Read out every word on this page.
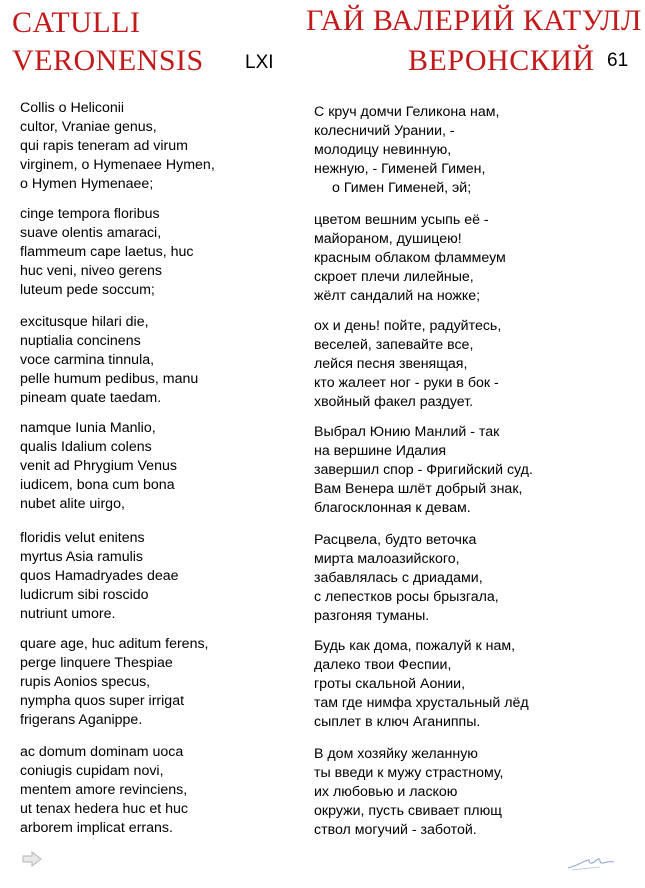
CATULLI
VERONENSIS LXI
ГАЙ ВАЛЕРИЙ КАТУЛЛ
ВЕРОНСКИЙ 61
Collis o Heliconii
cultor, Vraniae genus,
qui rapis teneram ad virum
virginem, o Hymenaee Hymen,
o Hymen Hymenaee;
cinge tempora floribus
suave olentis amaraci,
flammeum cape laetus, huc
huc veni, niveo gerens
luteum pede soccum;
excitusque hilari die,
nuptialia concinens
voce carmina tinnula,
pelle humum pedibus, manu
pineam quate taedam.
namque Iunia Manlio,
qualis Idalium colens
venit ad Phrygium Venus
iudicem, bona cum bona
nubet alite uirgo,
floridis velut enitens
myrtus Asia ramulis
quos Hamadryades deae
ludicrum sibi roscido
nutriunt umore.
quare age, huc aditum ferens,
perge linquere Thespiae
rupis Aonios specus,
nympha quos super irrigat
frigerans Aganippe.
ac domum dominam uoca
coniugis cupidam novi,
mentem amore revinciens,
ut tenax hedera huc et huc
arborem implicat errans.
С круч домчи Геликона нам,
колесничий Урании, -
молодицу невинную,
нежную, - Гименей Гимен,
о Гимен Гименей, эй;
цветом вешним усыпь её -
майораном, душицею!
красным облаком фламмеум
скроет плечи лилейные,
жёлт сандалий на ножке;
ох и день! пойте, радуйтесь,
веселей, запевайте все,
лейся песня звенящая,
кто жалеет ног - руки в бок -
хвойный факел раздует.
Выбрал Юнию Манлий - так
на вершине Идалия
завершил спор - Фригийский суд.
Вам Венера шлёт добрый знак,
благосклонная к девам.
Расцвела, будто веточка
мирта малоазийского,
забавлялась с дриадами,
с лепестков росы брызгала,
разгоняя туманы.
Будь как дома, пожалуй к нам,
далеко твои Феспии,
гроты скальной Аонии,
там где нимфа хрустальный лёд
сыплет в ключ Аганиппы.
В дом хозяйку желанную
ты введи к мужу страстному,
их любовью и ласкою
окружи, пусть свивает плющ
ствол могучий - заботой.
